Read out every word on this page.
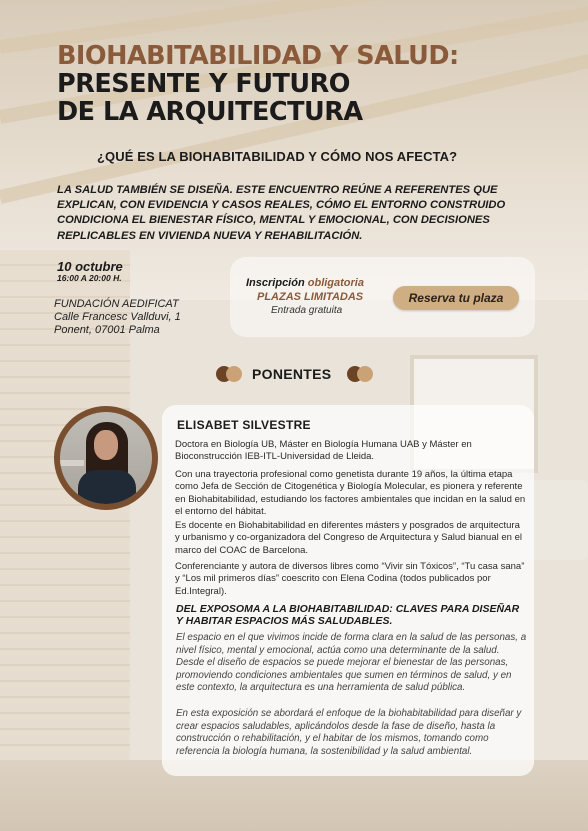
BIOHABITABILIDAD Y SALUD:
PRESENTE Y FUTURO
DE LA ARQUITECTURA
¿QUÉ ES LA BIOHABITABILIDAD Y CÓMO NOS AFECTA?

LA SALUD TAMBIÉN SE DISEÑA. ESTE ENCUENTRO REÚNE A REFERENTES QUE EXPLICAN, CON EVIDENCIA Y CASOS REALES, CÓMO EL ENTORNO CONSTRUIDO CONDICIONA EL BIENESTAR FÍSICO, MENTAL Y EMOCIONAL, CON DECISIONES REPLICABLES EN VIVIENDA NUEVA Y REHABILITACIÓN.

10 octubre
16:00 A 20:00 H.
FUNDACIÓN AEDIFICAT
Calle Francesc Vallduvi, 1
Ponent, 07001 Palma
Inscripción obligatoria
PLAZAS LIMITADAS
Entrada gratuita
Reserva tu plaza
PONENTES
ELISABET SILVESTRE

Doctora en Biología UB, Máster en Biología Humana UAB y Máster en Bioconstrucción IEB-ITL-Universidad de Lleida.

Con una trayectoria profesional como genetista durante 19 años, la última etapa como Jefa de Sección de Citogenética y Biología Molecular, es pionera y referente en Biohabitabilidad, estudiando los factores ambientales que incidan en la salud en el entorno del hábitat.

Es docente en Biohabitabilidad en diferentes másters y posgrados de arquitectura y urbanismo y co-organizadora del Congreso de Arquitectura y Salud bianual en el marco del COAC de Barcelona.

Conferenciante y autora de diversos libres como “Vivir sin Tóxicos”, “Tu casa sana” y “Los mil primeros días” coescrito con Elena Codina (todos publicados por Ed.Integral).

DEL EXPOSOMA A LA BIOHABITABILIDAD: CLAVES PARA DISEÑAR Y HABITAR ESPACIOS MÁS SALUDABLES.

El espacio en el que vivimos incide de forma clara en la salud de las personas, a nivel físico, mental y emocional, actúa como una determinante de la salud. Desde el diseño de espacios se puede mejorar el bienestar de las personas, promoviendo condiciones ambientales que sumen en términos de salud, y en este contexto, la arquitectura es una herramienta de salud pública.

En esta exposición se abordará el enfoque de la biohabitabilidad para diseñar y crear espacios saludables, aplicándolos desde la fase de diseño, hasta la construcción o rehabilitación, y el habitar de los mismos, tomando como referencia la biología humana, la sostenibilidad y la salud ambiental.
